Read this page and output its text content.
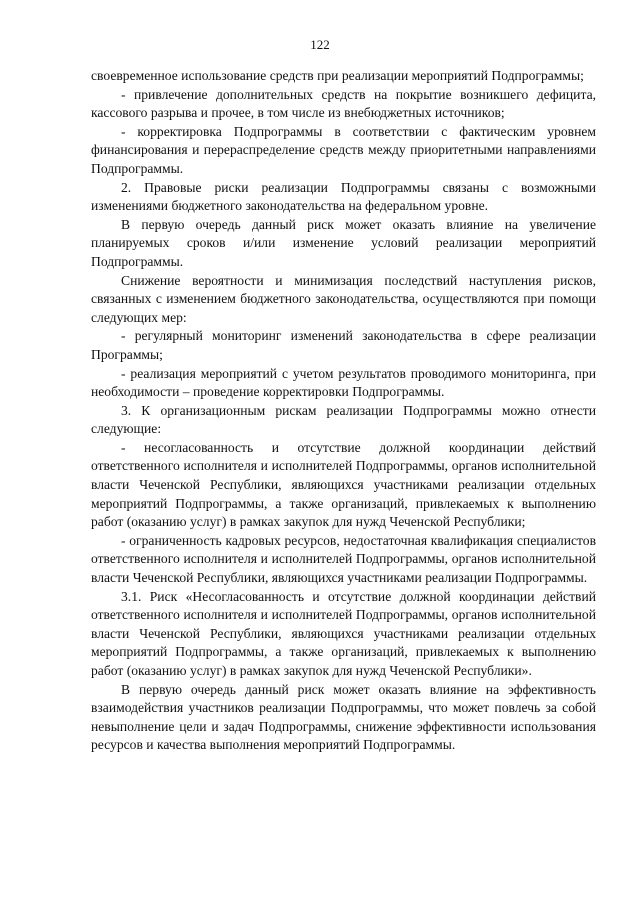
122

своевременное использование средств при реализации мероприятий Подпрограммы;

- привлечение дополнительных средств на покрытие возникшего дефицита, кассового разрыва и прочее, в том числе из внебюджетных источников;

- корректировка Подпрограммы в соответствии с фактическим уровнем финансирования и перераспределение средств между приоритетными направлениями Подпрограммы.

2. Правовые риски реализации Подпрограммы связаны с возможными изменениями бюджетного законодательства на федеральном уровне.

В первую очередь данный риск может оказать влияние на увеличение планируемых сроков и/или изменение условий реализации мероприятий Подпрограммы.

Снижение вероятности и минимизация последствий наступления рисков, связанных с изменением бюджетного законодательства, осуществляются при помощи следующих мер:

- регулярный мониторинг изменений законодательства в сфере реализации Программы;

- реализация мероприятий с учетом результатов проводимого мониторинга, при необходимости – проведение корректировки Подпрограммы.

3. К организационным рискам реализации Подпрограммы можно отнести следующие:

- несогласованность и отсутствие должной координации действий ответственного исполнителя и исполнителей Подпрограммы, органов исполнительной власти Чеченской Республики, являющихся участниками реализации отдельных мероприятий Подпрограммы, а также организаций, привлекаемых к выполнению работ (оказанию услуг) в рамках закупок для нужд Чеченской Республики;

- ограниченность кадровых ресурсов, недостаточная квалификация специалистов ответственного исполнителя и исполнителей Подпрограммы, органов исполнительной власти Чеченской Республики, являющихся участниками реализации Подпрограммы.

3.1. Риск «Несогласованность и отсутствие должной координации действий ответственного исполнителя и исполнителей Подпрограммы, органов исполнительной власти Чеченской Республики, являющихся участниками реализации отдельных мероприятий Подпрограммы, а также организаций, привлекаемых к выполнению работ (оказанию услуг) в рамках закупок для нужд Чеченской Республики».

В первую очередь данный риск может оказать влияние на эффективность взаимодействия участников реализации Подпрограммы, что может повлечь за собой невыполнение цели и задач Подпрограммы, снижение эффективности использования ресурсов и качества выполнения мероприятий Подпрограммы.
